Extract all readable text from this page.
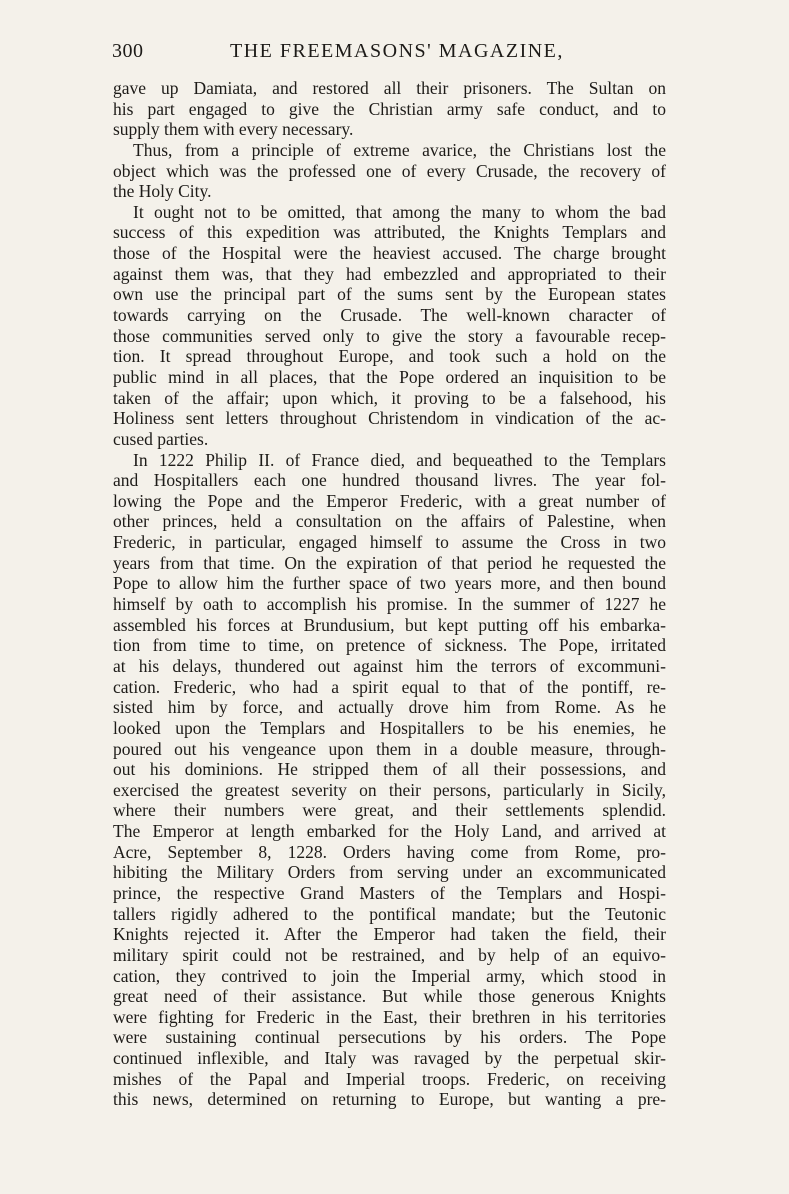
300	THE FREEMASONS' MAGAZINE,
gave up Damiata, and restored all their prisoners. The Sultan on
his part engaged to give the Christian army safe conduct, and to
supply them with every necessary.
Thus, from a principle of extreme avarice, the Christians lost the
object which was the professed one of every Crusade, the recovery of
the Holy City.
It ought not to be omitted, that among the many to whom the bad
success of this expedition was attributed, the Knights Templars and
those of the Hospital were the heaviest accused. The charge brought
against them was, that they had embezzled and appropriated to their
own use the principal part of the sums sent by the European states
towards carrying on the Crusade. The well-known character of
those communities served only to give the story a favourable recep-
tion. It spread throughout Europe, and took such a hold on the
public mind in all places, that the Pope ordered an inquisition to be
taken of the affair; upon which, it proving to be a falsehood, his
Holiness sent letters throughout Christendom in vindication of the ac-
cused parties.
In 1222 Philip II. of France died, and bequeathed to the Templars
and Hospitallers each one hundred thousand livres. The year fol-
lowing the Pope and the Emperor Frederic, with a great number of
other princes, held a consultation on the affairs of Palestine, when
Frederic, in particular, engaged himself to assume the Cross in two
years from that time. On the expiration of that period he requested the
Pope to allow him the further space of two years more, and then bound
himself by oath to accomplish his promise. In the summer of 1227 he
assembled his forces at Brundusium, but kept putting off his embarka-
tion from time to time, on pretence of sickness. The Pope, irritated
at his delays, thundered out against him the terrors of excommuni-
cation. Frederic, who had a spirit equal to that of the pontiff, re-
sisted him by force, and actually drove him from Rome. As he
looked upon the Templars and Hospitallers to be his enemies, he
poured out his vengeance upon them in a double measure, through-
out his dominions. He stripped them of all their possessions, and
exercised the greatest severity on their persons, particularly in Sicily,
where their numbers were great, and their settlements splendid.
The Emperor at length embarked for the Holy Land, and arrived at
Acre, September 8, 1228. Orders having come from Rome, pro-
hibiting the Military Orders from serving under an excommunicated
prince, the respective Grand Masters of the Templars and Hospi-
tallers rigidly adhered to the pontifical mandate; but the Teutonic
Knights rejected it. After the Emperor had taken the field, their
military spirit could not be restrained, and by help of an equivo-
cation, they contrived to join the Imperial army, which stood in
great need of their assistance. But while those generous Knights
were fighting for Frederic in the East, their brethren in his territories
were sustaining continual persecutions by his orders. The Pope
continued inflexible, and Italy was ravaged by the perpetual skir-
mishes of the Papal and Imperial troops. Frederic, on receiving
this news, determined on returning to Europe, but wanting a pre-
